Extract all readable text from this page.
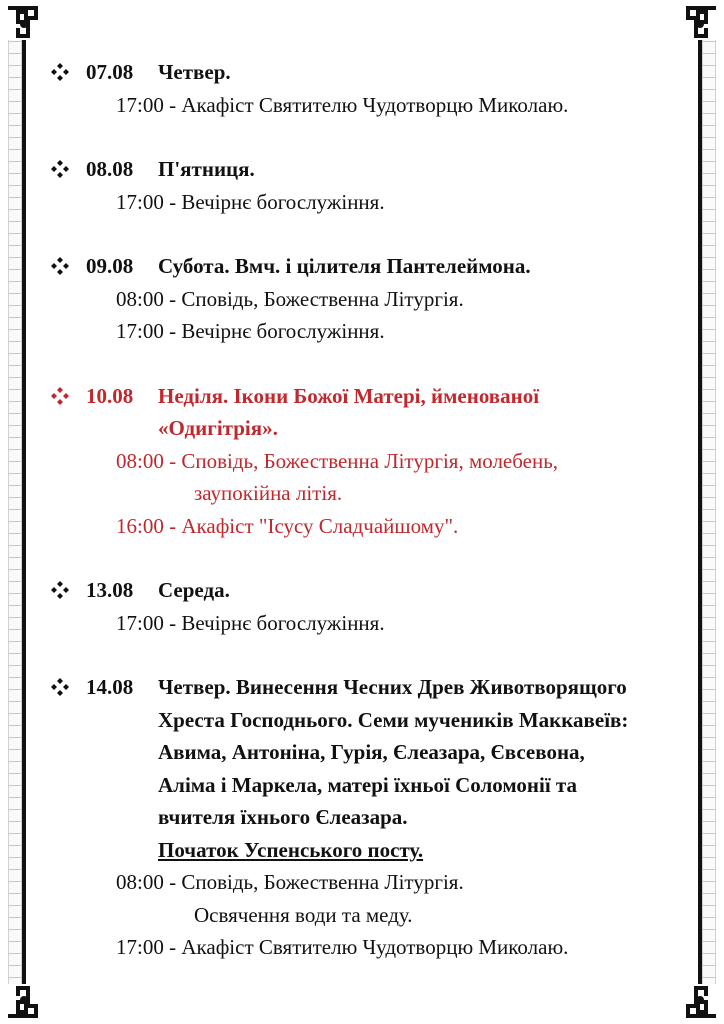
07.08	Четвер.
17:00 - Акафіст Святителю Чудотворцю Миколаю.
08.08	П'ятниця.
17:00 - Вечірнє богослужіння.
09.08	Субота. Вмч. і цілителя Пантелеймона.
08:00 - Сповідь, Божественна Літургія.
17:00 - Вечірнє богослужіння.
10.08	Неділя. Ікони Божої Матері, йменованої
«Одигітрія».
08:00 - Сповідь, Божественна Літургія, молебень,
заупокійна літія.
16:00 - Акафіст "Ісусу Сладчайшому".
13.08	Середа.
17:00 - Вечірнє богослужіння.
14.08	Четвер. Винесення Чесних Древ Животворящого
Хреста Господнього. Семи мучеників Маккавеїв:
Авима, Антоніна, Гурія, Єлеазара, Євсевона,
Аліма і Маркела, матері їхньої Соломонії та
вчителя їхнього Єлеазара.
Початок Успенського посту.
08:00 - Сповідь, Божественна Літургія.
Освячення води та меду.
17:00 - Акафіст Святителю Чудотворцю Миколаю.
